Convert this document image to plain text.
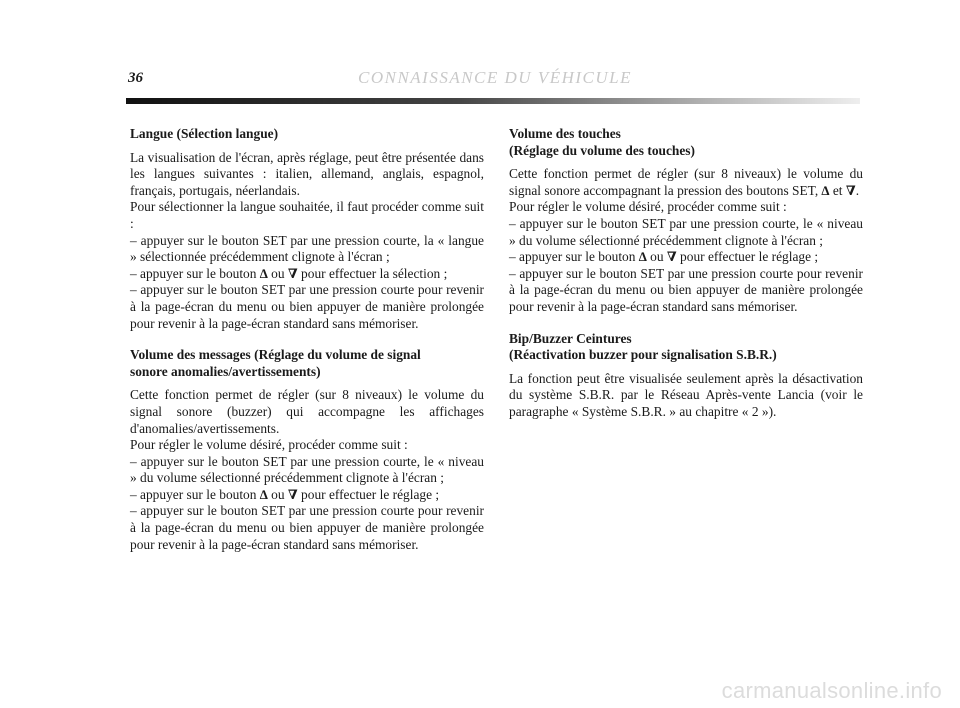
36	CONNAISSANCE DU VÉHICULE

Langue (Sélection langue)

La visualisation de l'écran, après réglage, peut être présentée dans les langues suivantes : italien, allemand, anglais, espagnol, français, portugais, néerlandais.

Pour sélectionner la langue souhaitée, il faut procéder comme suit :

– appuyer sur le bouton SET par une pression courte, la « langue » sélectionnée précédemment clignote à l'écran ;

– appuyer sur le bouton ∆ ou ∇ pour effectuer la sélection ;

– appuyer sur le bouton SET par une pression courte pour revenir à la page-écran du menu ou bien appuyer de manière prolongée pour revenir à la page-écran standard sans mémoriser.

Volume des messages (Réglage du volume de signal
sonore anomalies/avertissements)

Cette fonction permet de régler (sur 8 niveaux) le volume du signal sonore (buzzer) qui accompagne les affichages d'anomalies/avertissements.

Pour régler le volume désiré, procéder comme suit :

– appuyer sur le bouton SET par une pression courte, le « niveau » du volume sélectionné précédemment clignote à l'écran ;

– appuyer sur le bouton ∆ ou ∇ pour effectuer le réglage ;

– appuyer sur le bouton SET par une pression courte pour revenir à la page-écran du menu ou bien appuyer de manière prolongée pour revenir à la page-écran standard sans mémoriser.

Volume des touches
(Réglage du volume des touches)

Cette fonction permet de régler (sur 8 niveaux) le volume du signal sonore accompagnant la pression des boutons SET, ∆ et ∇.

Pour régler le volume désiré, procéder comme suit :

– appuyer sur le bouton SET par une pression courte, le « niveau » du volume sélectionné précédemment clignote à l'écran ;

– appuyer sur le bouton ∆ ou ∇ pour effectuer le réglage ;

– appuyer sur le bouton SET par une pression courte pour revenir à la page-écran du menu ou bien appuyer de manière prolongée pour revenir à la page-écran standard sans mémoriser.

Bip/Buzzer Ceintures
(Réactivation buzzer pour signalisation S.B.R.)

La fonction peut être visualisée seulement après la désactivation du système S.B.R. par le Réseau Après-vente Lancia (voir le paragraphe « Système S.B.R. » au chapitre « 2 »).

carmanualsonline.info
